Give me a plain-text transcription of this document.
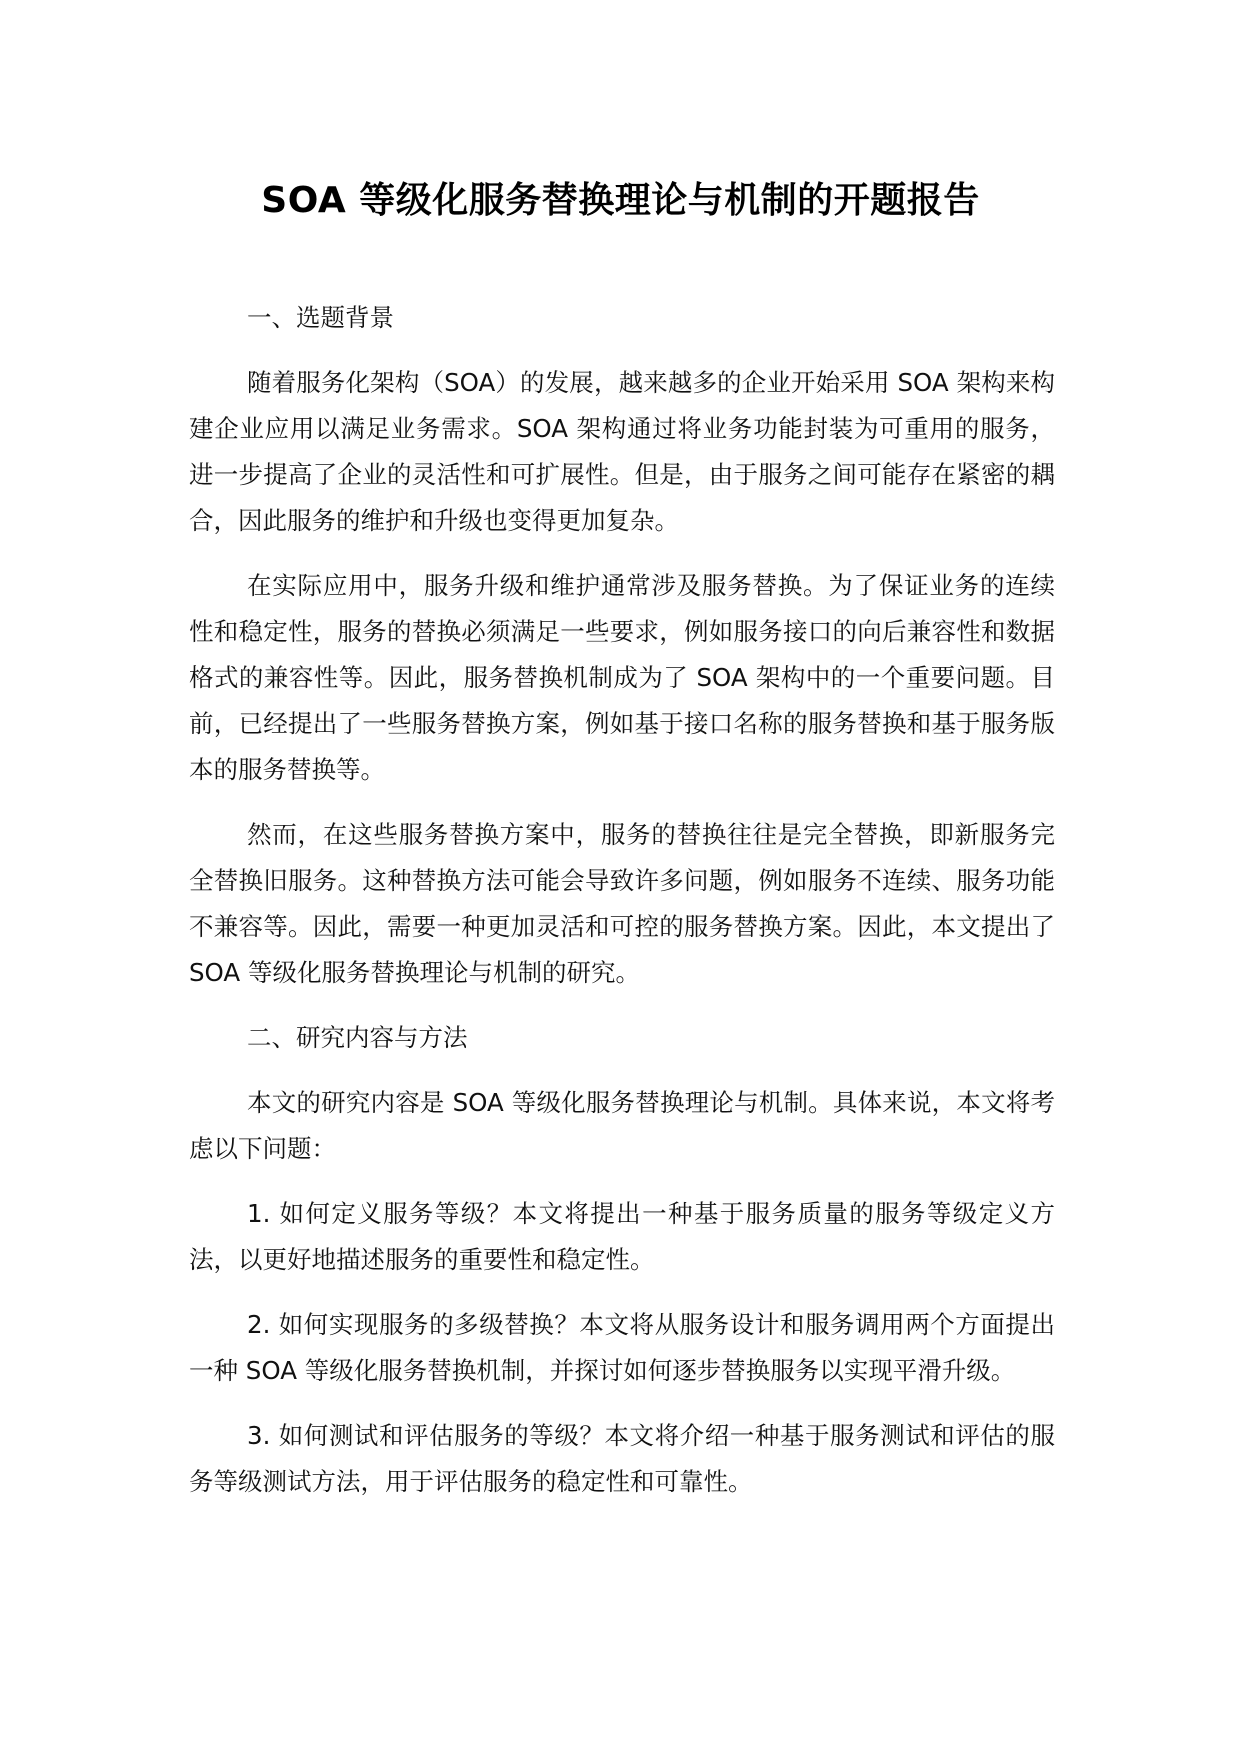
SOA 等级化服务替换理论与机制的开题报告

一、选题背景

随着服务化架构（SOA）的发展，越来越多的企业开始采用 SOA 架构来构建企业应用以满足业务需求。SOA 架构通过将业务功能封装为可重用的服务，进一步提高了企业的灵活性和可扩展性。但是，由于服务之间可能存在紧密的耦合，因此服务的维护和升级也变得更加复杂。

在实际应用中，服务升级和维护通常涉及服务替换。为了保证业务的连续性和稳定性，服务的替换必须满足一些要求，例如服务接口的向后兼容性和数据格式的兼容性等。因此，服务替换机制成为了 SOA 架构中的一个重要问题。目前，已经提出了一些服务替换方案，例如基于接口名称的服务替换和基于服务版本的服务替换等。

然而，在这些服务替换方案中，服务的替换往往是完全替换，即新服务完全替换旧服务。这种替换方法可能会导致许多问题，例如服务不连续、服务功能不兼容等。因此，需要一种更加灵活和可控的服务替换方案。因此，本文提出了 SOA 等级化服务替换理论与机制的研究。

二、研究内容与方法

本文的研究内容是 SOA 等级化服务替换理论与机制。具体来说，本文将考虑以下问题：

1. 如何定义服务等级？本文将提出一种基于服务质量的服务等级定义方法，以更好地描述服务的重要性和稳定性。

2. 如何实现服务的多级替换？本文将从服务设计和服务调用两个方面提出一种 SOA 等级化服务替换机制，并探讨如何逐步替换服务以实现平滑升级。

3. 如何测试和评估服务的等级？本文将介绍一种基于服务测试和评估的服务等级测试方法，用于评估服务的稳定性和可靠性。
